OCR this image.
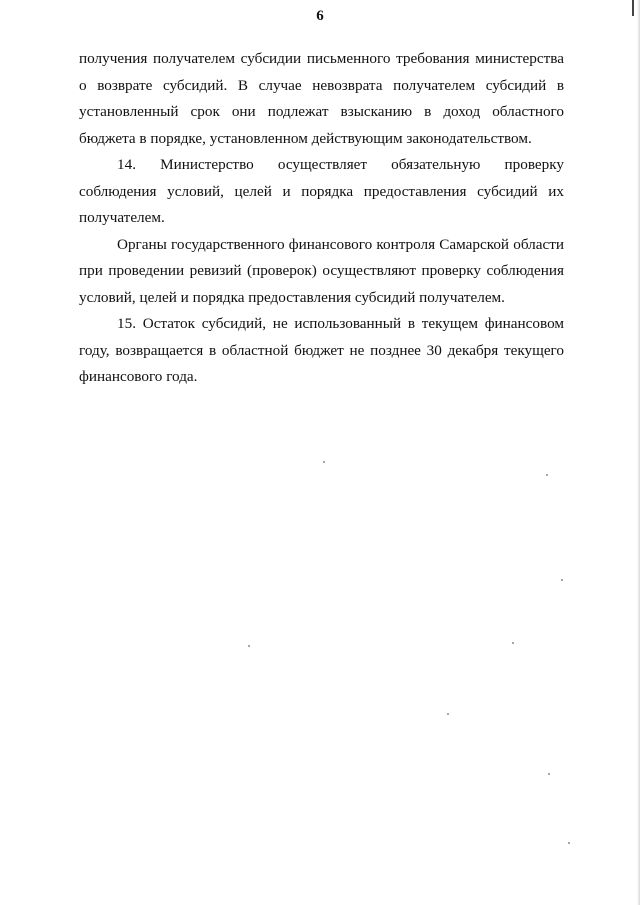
6

получения получателем субсидии письменного требования министерства о возврате субсидий. В случае невозврата получателем субсидий в установленный срок они подлежат взысканию в доход областного бюджета в порядке, установленном действующим законодательством.

14. Министерство осуществляет обязательную проверку соблюдения условий, целей и порядка предоставления субсидий их получателем.

Органы государственного финансового контроля Самарской области при проведении ревизий (проверок) осуществляют проверку соблюдения условий, целей и порядка предоставления субсидий получателем.

15. Остаток субсидий, не использованный в текущем финансовом году, возвращается в областной бюджет не позднее 30 декабря текущего финансового года.
